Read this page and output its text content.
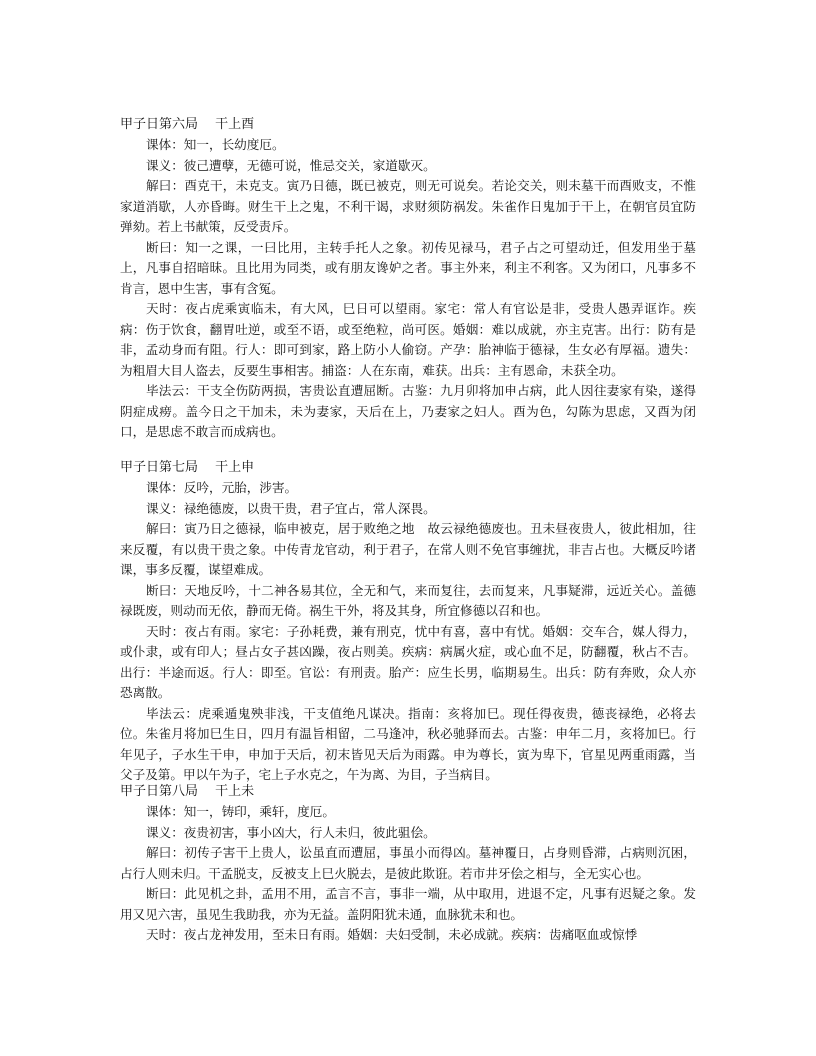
甲子日第六局　 干上酉

课体：知一，长幼度厄。

课义：彼己遭孽，无德可说，惟忌交关，家道歇灭。

解曰：酉克干，未克支。寅乃日德，既已被克，则无可说矣。若论交关，则未墓干而酉败支，不惟家道消歇，人亦昏晦。财生干上之鬼，不利干谒，求财须防祸发。朱雀作日鬼加于干上，在朝官员宜防弹劾。若上书献策，反受责斥。

断曰：知一之课，一曰比用，主转手托人之象。初传见禄马，君子占之可望动迁，但发用坐于墓上，凡事自招暗昧。且比用为同类，或有朋友谗妒之者。事主外来，利主不利客。又为闭口，凡事多不肯言，恩中生害，事有含冤。

天时：夜占虎乘寅临未，有大风，巳日可以望雨。家宅：常人有官讼是非，受贵人愚弄诓诈。疾病：伤于饮食，翻胃吐逆，或至不语，或至绝粒，尚可医。婚姻：难以成就，亦主克害。出行：防有是非，孟动身而有阻。行人：即可到家，路上防小人偷窃。产孕：胎神临于德禄，生女必有厚福。遗失：为粗眉大目人盗去，反要生事相害。捕盗：人在东南，难获。出兵：主有恩命，未获全功。

毕法云：干支全伤防两损，害贵讼直遭屈断。古鉴：九月卯将加申占病，此人因往妻家有染，遂得阴症成痨。盖今日之干加未，未为妻家，天后在上，乃妻家之妇人。酉为色，勾陈为思虑，又酉为闭口，是思虑不敢言而成病也。

甲子日第七局　 干上申

课体：反吟，元胎，涉害。

课义：禄绝德废，以贵干贵，君子宜占，常人深畏。

解曰：寅乃日之德禄，临申被克，居于败绝之地　故云禄绝德废也。丑未昼夜贵人，彼此相加，往来反覆，有以贵干贵之象。中传青龙官动，利于君子，在常人则不免官事缠扰，非吉占也。大概反吟诸课，事多反覆，谋望难成。

断曰：天地反吟，十二神各易其位，全无和气，来而复往，去而复来，凡事疑滞，远近关心。盖德禄既废，则动而无依，静而无倚。祸生干外，将及其身，所宜修德以召和也。

天时：夜占有雨。家宅：子孙耗费，兼有刑克，忧中有喜，喜中有忧。婚姻：交车合，媒人得力，或仆隶，或有印人；昼占女子甚凶躁，夜占则美。疾病：病属火症，或心血不足，防翻覆，秋占不吉。出行：半途而返。行人：即至。官讼：有刑责。胎产：应生长男，临期易生。出兵：防有奔败，众人亦恐离散。

毕法云：虎乘遁鬼殃非浅，干支值绝凡谋决。指南：亥将加巳。现任得夜贵，德丧禄绝，必将去位。朱雀月将加巳生日，四月有温旨相留，二马逢冲，秋必驰驿而去。古鉴：申年二月，亥将加巳。行年见子，子水生干申，申加于天后，初末皆见天后为雨露。申为尊长，寅为卑下，官星见两重雨露，当父子及第。甲以午为子，宅上子水克之，午为离、为目，子当病目。

甲子日第八局　 干上未

课体：知一，铸印，乘轩，度厄。

课义：夜贵初害，事小凶大，行人未归，彼此驵侩。

解曰：初传子害干上贵人，讼虽直而遭屈，事虽小而得凶。墓神覆日，占身则昏滞，占病则沉困，占行人则未归。干孟脱支，反被支上巳火脱去，是彼此欺诳。若市井牙侩之相与，全无实心也。

断曰：此见机之卦，孟用不用，孟言不言，事非一端，从中取用，进退不定，凡事有迟疑之象。发用又见六害，虽见生我助我，亦为无益。盖阴阳犹未通，血脉犹未和也。

天时：夜占龙神发用，至未日有雨。婚姻：夫妇受制，未必成就。疾病：齿痛呕血或惊悸
